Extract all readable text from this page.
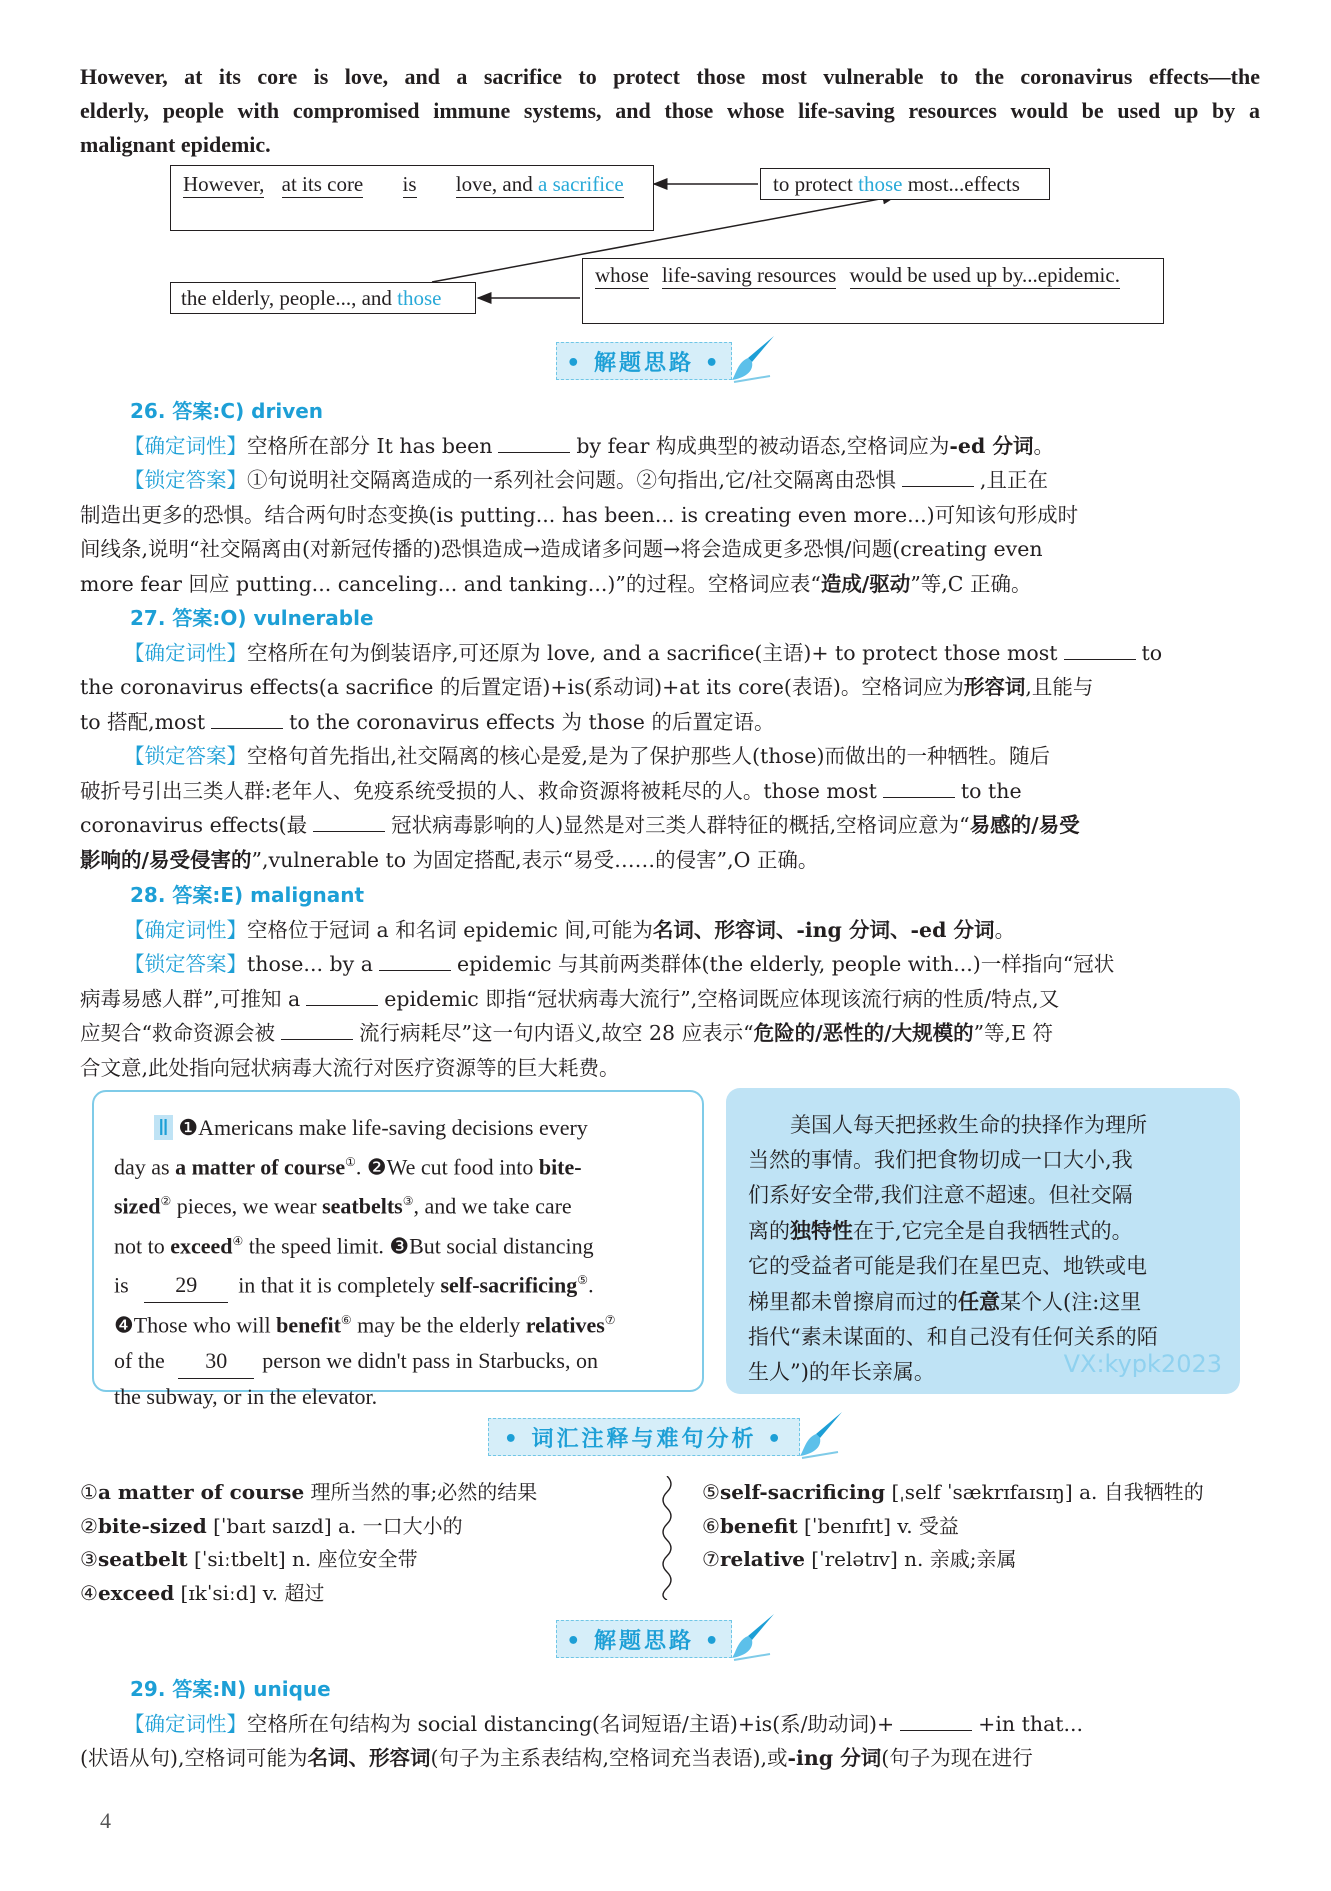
However, at its core is love, and a sacrifice to protect those most vulnerable to the coronavirus effects—the
elderly, people with compromised immune systems, and those whose life-saving resources would be used up by a
malignant epidemic.
However, at its core is love, and a sacrifice	to protect those most...effects
the elderly, people..., and those
whose life-saving resources would be used up by...epidemic.
• 解题思路 •
26. 答案:C) driven
【确定词性】空格所在部分 It has been	by fear 构成典型的被动语态,空格词应为-ed 分词。
【锁定答案】①句说明社交隔离造成的一系列社会问题。②句指出,它/社交隔离由恐惧	,且正在
制造出更多的恐惧。结合两句时态变换(is putting... has been... is creating even more...)可知该句形成时
间线条,说明“社交隔离由(对新冠传播的)恐惧造成→造成诸多问题→将会造成更多恐惧/问题(creating even
more fear 回应 putting... canceling... and tanking...)”的过程。空格词应表“造成/驱动”等,C 正确。
27. 答案:O) vulnerable
【确定词性】空格所在句为倒装语序,可还原为 love, and a sacrifice(主语)+ to protect those most	to
the coronavirus effects(a sacrifice 的后置定语)+is(系动词)+at its core(表语)。空格词应为形容词,且能与
to 搭配,most	to the coronavirus effects 为 those 的后置定语。
【锁定答案】空格句首先指出,社交隔离的核心是爱,是为了保护那些人(those)而做出的一种牺牲。随后
破折号引出三类人群:老年人、免疫系统受损的人、救命资源将被耗尽的人。those most	to the
coronavirus effects(最	冠状病毒影响的人)显然是对三类人群特征的概括,空格词应意为“易感的/易受
影响的/易受侵害的”,vulnerable to 为固定搭配,表示“易受……的侵害”,O 正确。
28. 答案:E) malignant
【确定词性】空格位于冠词 a 和名词 epidemic 间,可能为名词、形容词、-ing 分词、-ed 分词。
【锁定答案】those... by a	epidemic 与其前两类群体(the elderly, people with...)一样指向“冠状
病毒易感人群”,可推知 a	epidemic 即指“冠状病毒大流行”,空格词既应体现该流行病的性质/特点,又
应契合“救命资源会被	流行病耗尽”这一句内语义,故空 28 应表示“危险的/恶性的/大规模的”等,E 符
合文意,此处指向冠状病毒大流行对医疗资源等的巨大耗费。
Ⅱ ❶Americans make life-saving decisions every
day as a matter of course①. ❷We cut food into bite-
sized② pieces, we wear seatbelts③, and we take care
not to exceed④ the speed limit. ❸But social distancing
is 29 in that it is completely self-sacrificing⑤.
❹Those who will benefit⑥ may be the elderly relatives⑦
of the 30 person we didn't pass in Starbucks, on
the subway, or in the elevator.
美国人每天把拯救生命的抉择作为理所
当然的事情。我们把食物切成一口大小,我
们系好安全带,我们注意不超速。但社交隔
离的独特性在于,它完全是自我牺牲式的。
它的受益者可能是我们在星巴克、地铁或电
梯里都未曾擦肩而过的任意某个人(注:这里
指代“素未谋面的、和自己没有任何关系的陌
生人”)的年长亲属。	VX:kypk2023
• 词汇注释与难句分析 •
①a matter of course 理所当然的事;必然的结果
②bite-sized [ˈbaɪt saɪzd] a. 一口大小的
③seatbelt [ˈsiːtbelt] n. 座位安全带
④exceed [ɪkˈsiːd] v. 超过
⑤self-sacrificing [ˌself ˈsækrɪfaɪsɪŋ] a. 自我牺牲的
⑥benefit [ˈbenɪfɪt] v. 受益
⑦relative [ˈrelətɪv] n. 亲戚;亲属
• 解题思路 •
29. 答案:N) unique
【确定词性】空格所在句结构为 social distancing(名词短语/主语)+is(系/助动词)+	+in that...
(状语从句),空格词可能为名词、形容词(句子为主系表结构,空格词充当表语),或-ing 分词(句子为现在进行
4
